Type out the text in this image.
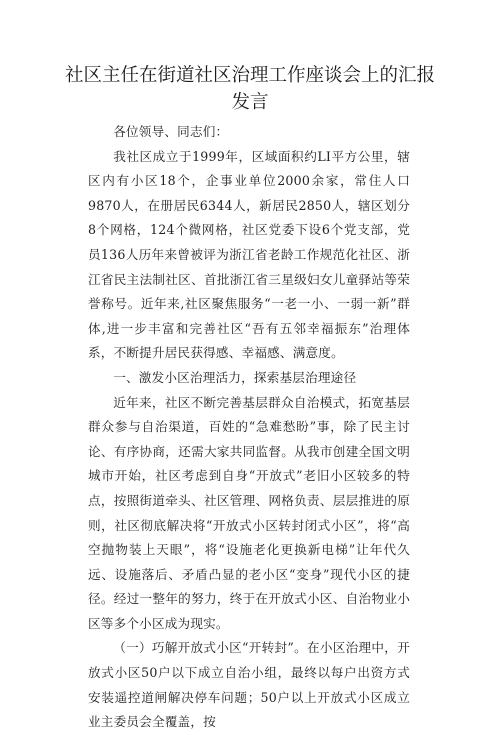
社区主任在街道社区治理工作座谈会上的汇报发言

各位领导、同志们：

我社区成立于1999年，区域面积约LI平方公里，辖区内有小区18个，企事业单位2000余家，常住人口9870人，在册居民6344人，新居民2850人，辖区划分8个网格，124个微网格，社区党委下设6个党支部，党员136人历年来曾被评为浙江省老龄工作规范化社区、浙江省民主法制社区、首批浙江省三星级妇女儿童驿站等荣誉称号。近年来,社区聚焦服务“一老一小、一弱一新”群体,进一步丰富和完善社区“吾有五邻幸福振东”治理体系，不断提升居民获得感、幸福感、满意度。

一、激发小区治理活力，探索基层治理途径

近年来，社区不断完善基层群众自治模式，拓宽基层群众参与自治渠道，百姓的“急难愁盼”事，除了民主讨论、有序协商，还需大家共同监督。从我市创建全国文明城市开始，社区考虑到自身“开放式”老旧小区较多的特点，按照街道牵头、社区管理、网格负责、层层推进的原则，社区彻底解决将“开放式小区转封闭式小区”，将“高空抛物装上天眼”，将“设施老化更换新电梯”让年代久远、设施落后、矛盾凸显的老小区“变身”现代小区的捷径。经过一整年的努力，终于在开放式小区、自治物业小区等多个小区成为现实。

（一）巧解开放式小区“开转封”。在小区治理中，开放式小区50户以下成立自治小组，最终以每户出资方式安装遥控道闸解决停车问题；50户以上开放式小区成立业主委员会全覆盖，按
